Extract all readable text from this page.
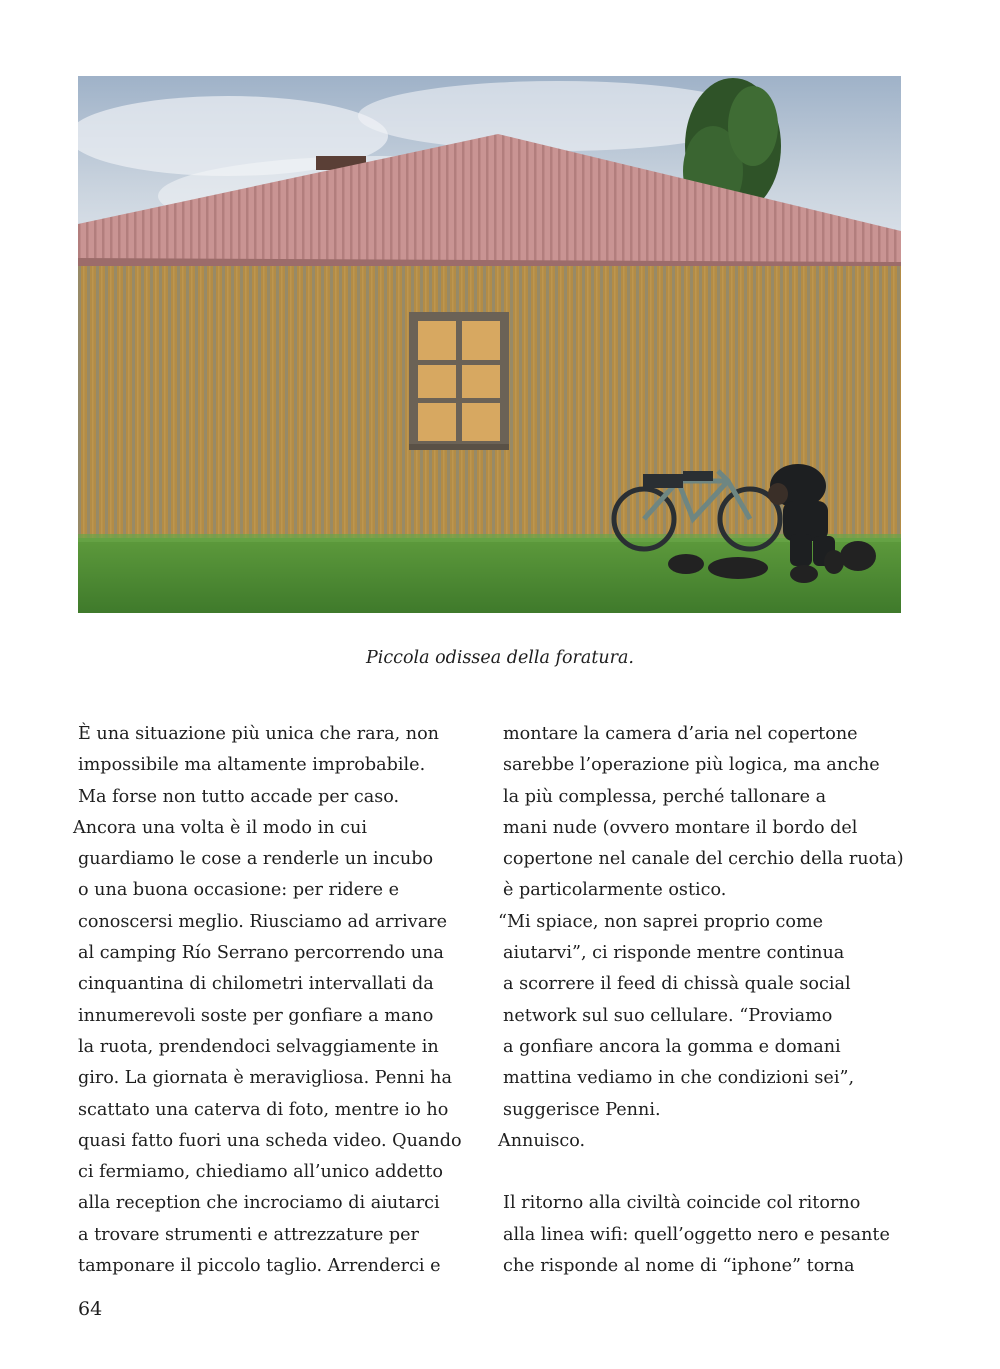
Piccola odissea della foratura.
È una situazione più unica che rara, non
impossibile ma altamente improbabile.
Ma forse non tutto accade per caso.
Ancora una volta è il modo in cui
guardiamo le cose a renderle un incubo
o una buona occasione: per ridere e
conoscersi meglio. Riusciamo ad arrivare
al camping Río Serrano percorrendo una
cinquantina di chilometri intervallati da
innumerevoli soste per gonfiare a mano
la ruota, prendendoci selvaggiamente in
giro. La giornata è meravigliosa. Penni ha
scattato una caterva di foto, mentre io ho
quasi fatto fuori una scheda video. Quando
ci fermiamo, chiediamo all’unico addetto
alla reception che incrociamo di aiutarci
a trovare strumenti e attrezzature per
tamponare il piccolo taglio. Arrenderci e
montare la camera d’aria nel copertone
sarebbe l’operazione più logica, ma anche
la più complessa, perché tallonare a
mani nude (ovvero montare il bordo del
copertone nel canale del cerchio della ruota)
è particolarmente ostico.
“Mi spiace, non saprei proprio come
aiutarvi”, ci risponde mentre continua
a scorrere il feed di chissà quale social
network sul suo cellulare. “Proviamo
a gonfiare ancora la gomma e domani
mattina vediamo in che condizioni sei”,
suggerisce Penni.
Annuisco.
Il ritorno alla civiltà coincide col ritorno
alla linea wifi: quell’oggetto nero e pesante
che risponde al nome di “iphone” torna
64
